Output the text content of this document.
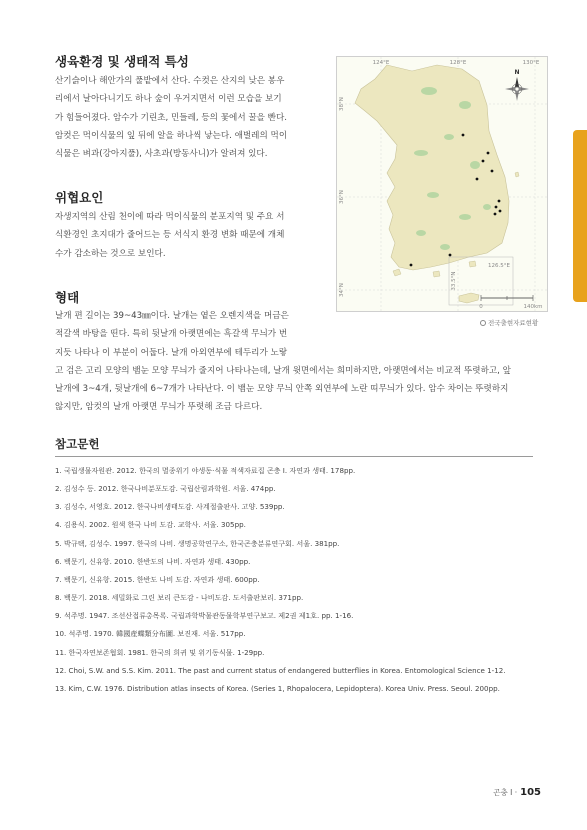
생육환경 및 생태적 특성
산기슭이나 해안가의 풀밭에서 산다. 수컷은 산지의 낮은 봉우
리에서 날아다니기도 하나 숲이 우거지면서 이런 모습을 보기
가 힘들어졌다. 암수가 기린초, 민들레, 등의 꽃에서 꿀을 빤다.
암컷은 먹이식물의 잎 뒤에 알을 하나씩 낳는다. 애벌레의 먹이
식물은 벼과(강아지풀), 사초과(방동사니)가 알려져 있다.
위협요인
자생지역의 산림 천이에 따라 먹이식물의 분포지역 및 주요 서
식환경인 초지대가 줄어드는 등 서식지 환경 변화 때문에 개체
수가 감소하는 것으로 보인다.
형태
날개 편 길이는 39~43㎜이다. 날개는 옅은 오렌지색을 머금은
적갈색 바탕을 띤다. 특히 뒷날개 아랫면에는 흑갈색 무늬가 번
지듯 나타나 이 부분이 어둡다. 날개 아외연부에 테두리가 노랗
고 검은 고리 모양의 뱀눈 모양 무늬가 줄지어 나타나는데, 날개 윗면에서는 희미하지만, 아랫면에서는 비교적 뚜렷하고, 앞
날개에 3~4개, 뒷날개에 6~7개가 나타난다. 이 뱀눈 모양 무늬 안쪽 외연부에 노란 띠무늬가 있다. 암수 차이는 뚜렷하지
않지만, 암컷의 날개 아랫면 무늬가 뚜렷해 조금 다르다.
124°E	128°E	130°E
38°N
36°N
34°N	33.5°N
126.5°E
0	140km
N
전국출현자료현황
참고문헌
1. 국립생물자원관. 2012. 한국의 멸종위기 야생동·식물 적색자료집 곤충 I. 자연과 생태. 178pp.
2. 김성수 등. 2012. 한국나비분포도감. 국립산림과학원. 서울. 474pp.
3. 김성수, 서영호. 2012. 한국나비생태도감. 사계절출판사. 고양. 539pp.
4. 김용식. 2002. 원색 한국 나비 도감. 교학사. 서울. 305pp.
5. 박규택, 김성수. 1997. 한국의 나비. 생명공학연구소, 한국곤충분류연구회. 서울. 381pp.
6. 백문기, 신유항. 2010. 한반도의 나비. 자연과 생태. 430pp.
7. 백문기, 신유항. 2015. 한반도 나비 도감. 자연과 생태. 600pp.
8. 백문기. 2018. 세밀화로 그린 보리 큰도감 - 나비도감. 도서출판보리. 371pp.
9. 석주명. 1947. 조선산접류총목록. 국립과학박물관동물학부연구보고. 제2권 제1호. pp. 1-16.
10. 석주명. 1970. 韓國産蝶類分布圖. 보진재. 서울. 517pp.
11. 한국자연보존협회. 1981. 한국의 희귀 및 위기동식물. 1-29pp.
12. Choi, S.W. and S.S. Kim. 2011. The past and current status of endangered butterflies in Korea. Entomological Science 1-12.
13. Kim, C.W. 1976. Distribution atlas insects of Korea. (Series 1, Rhopalocera, Lepidoptera). Korea Univ. Press. Seoul. 200pp.
곤충 I · 105
